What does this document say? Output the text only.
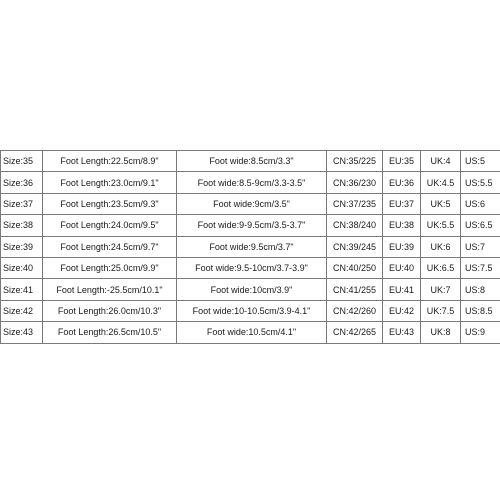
Size:35	Foot Length:22.5cm/8.9"	Foot wide:8.5cm/3.3"	CN:35/225	EU:35	UK:4	US:5
Size:36	Foot Length:23.0cm/9.1"	Foot wide:8.5-9cm/3.3-3.5"	CN:36/230	EU:36	UK:4.5	US:5.5
Size:37	Foot Length:23.5cm/9.3"	Foot wide:9cm/3.5"	CN:37/235	EU:37	UK:5	US:6
Size:38	Foot Length:24.0cm/9.5"	Foot wide:9-9.5cm/3.5-3.7"	CN:38/240	EU:38	UK:5.5	US:6.5
Size:39	Foot Length:24.5cm/9.7"	Foot wide:9.5cm/3.7"	CN:39/245	EU:39	UK:6	US:7
Size:40	Foot Length:25.0cm/9.9"	Foot wide:9.5-10cm/3.7-3.9"	CN:40/250	EU:40	UK:6.5	US:7.5
Size:41	Foot Length:-25.5cm/10.1"	Foot wide:10cm/3.9"	CN:41/255	EU:41	UK:7	US:8
Size:42	Foot Length:26.0cm/10.3"	Foot wide:10-10.5cm/3.9-4.1"	CN:42/260	EU:42	UK:7.5	US:8.5
Size:43	Foot Length:26.5cm/10.5"	Foot wide:10.5cm/4.1"	CN:42/265	EU:43	UK:8	US:9
